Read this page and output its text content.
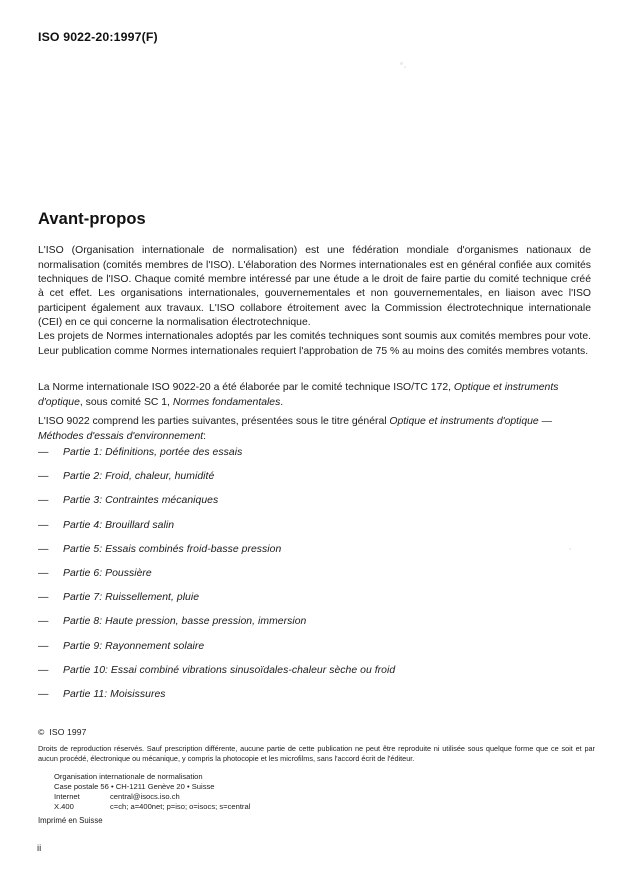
ISO 9022-20:1997(F)
Avant-propos

L'ISO (Organisation internationale de normalisation) est une fédération mondiale d'organismes nationaux de normalisation (comités membres de l'ISO). L'élaboration des Normes internationales est en général confiée aux comités techniques de l'ISO. Chaque comité membre intéressé par une étude a le droit de faire partie du comité technique créé à cet effet. Les organisations internationales, gouvernementales et non gouvernementales, en liaison avec l'ISO participent également aux travaux. L'ISO collabore étroitement avec la Commission électrotechnique internationale (CEI) en ce qui concerne la normalisation électrotechnique.

Les projets de Normes internationales adoptés par les comités techniques sont soumis aux comités membres pour vote. Leur publication comme Normes internationales requiert l'approbation de 75 % au moins des comités membres votants.

La Norme internationale ISO 9022-20 a été élaborée par le comité technique ISO/TC 172, Optique et instruments d'optique, sous comité SC 1, Normes fondamentales.

L'ISO 9022 comprend les parties suivantes, présentées sous le titre général Optique et instruments d'optique — Méthodes d'essais d'environnement:

—	Partie 1: Définitions, portée des essais
—	Partie 2: Froid, chaleur, humidité
—	Partie 3: Contraintes mécaniques
—	Partie 4: Brouillard salin
—	Partie 5: Essais combinés froid-basse pression
—	Partie 6: Poussière
—	Partie 7: Ruissellement, pluie
—	Partie 8: Haute pression, basse pression, immersion
—	Partie 9: Rayonnement solaire
—	Partie 10: Essai combiné vibrations sinusoïdales-chaleur sèche ou froid
—	Partie 11: Moisissures
©  ISO 1997
Droits de reproduction réservés. Sauf prescription différente, aucune partie de cette publication ne peut être reproduite ni utilisée sous quelque forme que ce soit et par aucun procédé, électronique ou mécanique, y compris la photocopie et les microfilms, sans l'accord écrit de l'éditeur.
Organisation internationale de normalisation
Case postale 56 • CH-1211 Genève 20 • Suisse
Internet	central@isocs.iso.ch
X.400	c=ch; a=400net; p=iso; o=isocs; s=central
Imprimé en Suisse
ii
